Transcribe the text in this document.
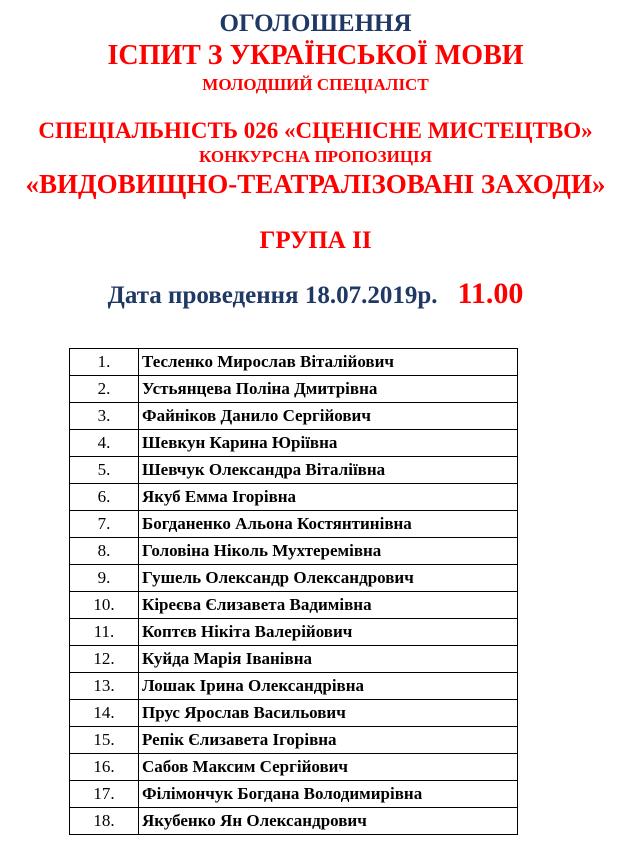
ОГОЛОШЕННЯ
ІСПИТ З УКРАЇНСЬКОЇ МОВИ
МОЛОДШИЙ СПЕЦІАЛІСТ
СПЕЦІАЛЬНІСТЬ 026 «СЦЕНІСНЕ МИСТЕЦТВО»
КОНКУРСНА ПРОПОЗИЦІЯ
«ВИДОВИЩНО-ТЕАТРАЛІЗОВАНІ ЗАХОДИ»
ГРУПА ІІ
Дата проведення 18.07.2019р. 11.00
1.	Тесленко Мирослав Віталійович
2.	Устьянцева Поліна Дмитрівна
3.	Файніков Данило Сергійович
4.	Шевкун Карина Юріївна
5.	Шевчук Олександра Віталіївна
6.	Якуб Емма Ігорівна
7.	Богданенко Альона Костянтинівна
8.	Головіна Ніколь Мухтеремівна
9.	Гушель Олександр Олександрович
10.	Кіреєва Єлизавета Вадимівна
11.	Коптєв Нікіта Валерійович
12.	Куйда Марія Іванівна
13.	Лошак Ірина Олександрівна
14.	Прус Ярослав Васильович
15.	Репік Єлизавета Ігорівна
16.	Сабов Максим Сергійович
17.	Філімончук Богдана Володимирівна
18.	Якубенко Ян Олександрович
